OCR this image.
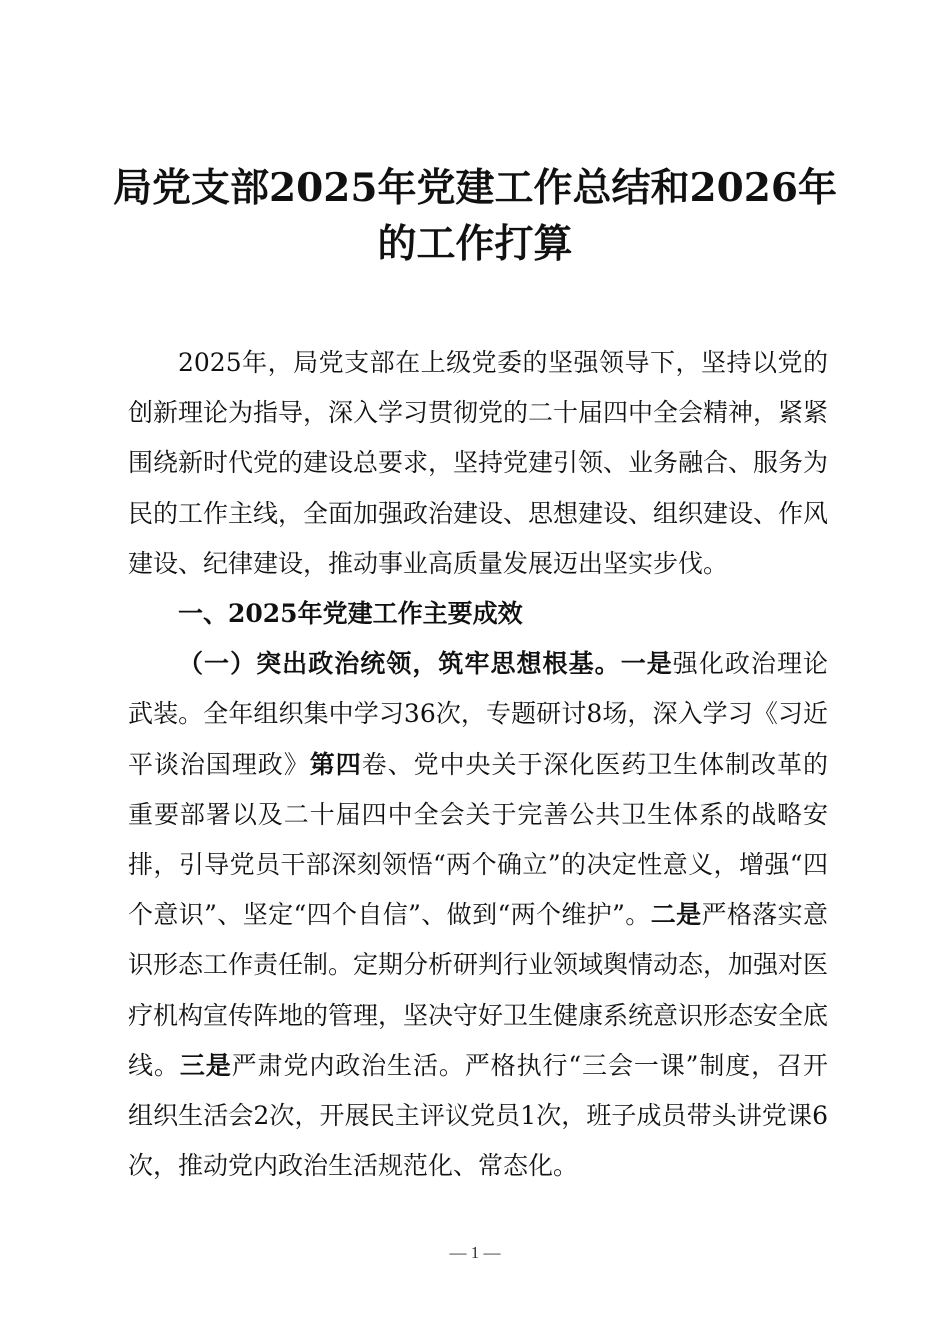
局党支部2025年党建工作总结和2026年
的工作打算

2025年，局党支部在上级党委的坚强领导下，坚持以党的创新理论为指导，深入学习贯彻党的二十届四中全会精神，紧紧围绕新时代党的建设总要求，坚持党建引领、业务融合、服务为民的工作主线，全面加强政治建设、思想建设、组织建设、作风建设、纪律建设，推动事业高质量发展迈出坚实步伐。

一、2025年党建工作主要成效

（一）突出政治统领，筑牢思想根基。一是强化政治理论武装。全年组织集中学习36次，专题研讨8场，深入学习《习近平谈治国理政》第四卷、党中央关于深化医药卫生体制改革的重要部署以及二十届四中全会关于完善公共卫生体系的战略安排，引导党员干部深刻领悟“两个确立”的决定性意义，增强“四个意识”、坚定“四个自信”、做到“两个维护”。二是严格落实意识形态工作责任制。定期分析研判行业领域舆情动态，加强对医疗机构宣传阵地的管理，坚决守好卫生健康系统意识形态安全底线。三是严肃党内政治生活。严格执行“三会一课”制度，召开组织生活会2次，开展民主评议党员1次，班子成员带头讲党课6次，推动党内政治生活规范化、常态化。

— 1 —
